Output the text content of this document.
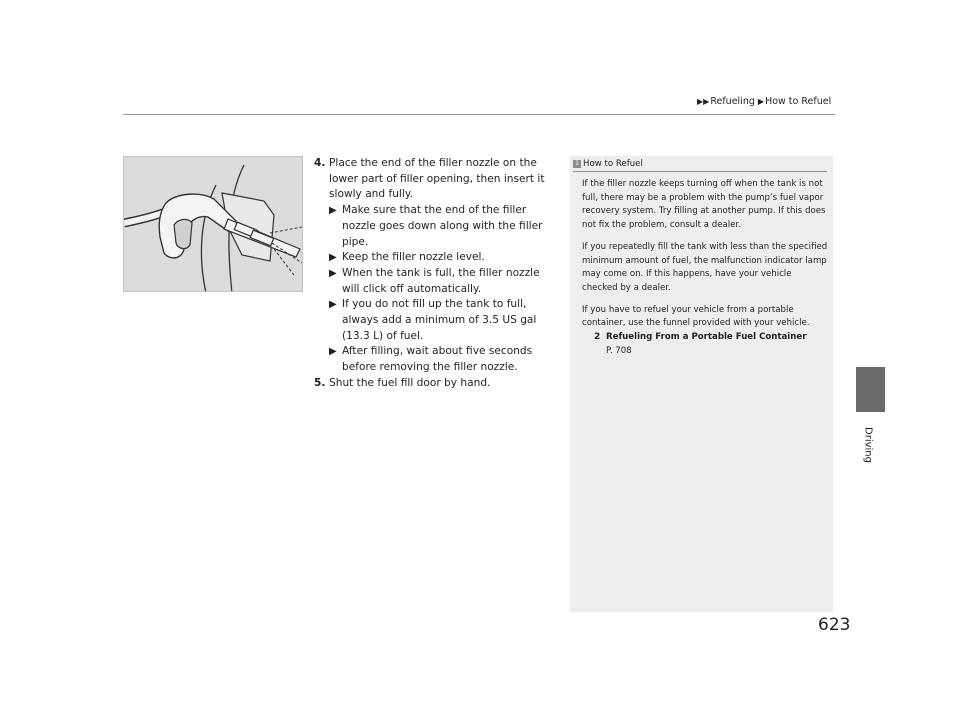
▶▶Refueling ▶How to Refuel
Driving
4. Place the end of the filler nozzle on the lower part of filler opening, then insert it slowly and fully.
▶ Make sure that the end of the filler nozzle goes down along with the filler pipe.
▶ Keep the filler nozzle level.
▶ When the tank is full, the filler nozzle will click off automatically.
▶ If you do not fill up the tank to full, always add a minimum of 3.5 US gal (13.3 L) of fuel.
▶ After filling, wait about five seconds before removing the filler nozzle.
5. Shut the fuel fill door by hand.
1 How to Refuel

If the filler nozzle keeps turning off when the tank is not full, there may be a problem with the pump’s fuel vapor recovery system. Try filling at another pump. If this does not fix the problem, consult a dealer.

If you repeatedly fill the tank with less than the specified minimum amount of fuel, the malfunction indicator lamp may come on. If this happens, have your vehicle checked by a dealer.

If you have to refuel your vehicle from a portable container, use the funnel provided with your vehicle.

2 Refueling From a Portable Fuel Container
P. 708
623
